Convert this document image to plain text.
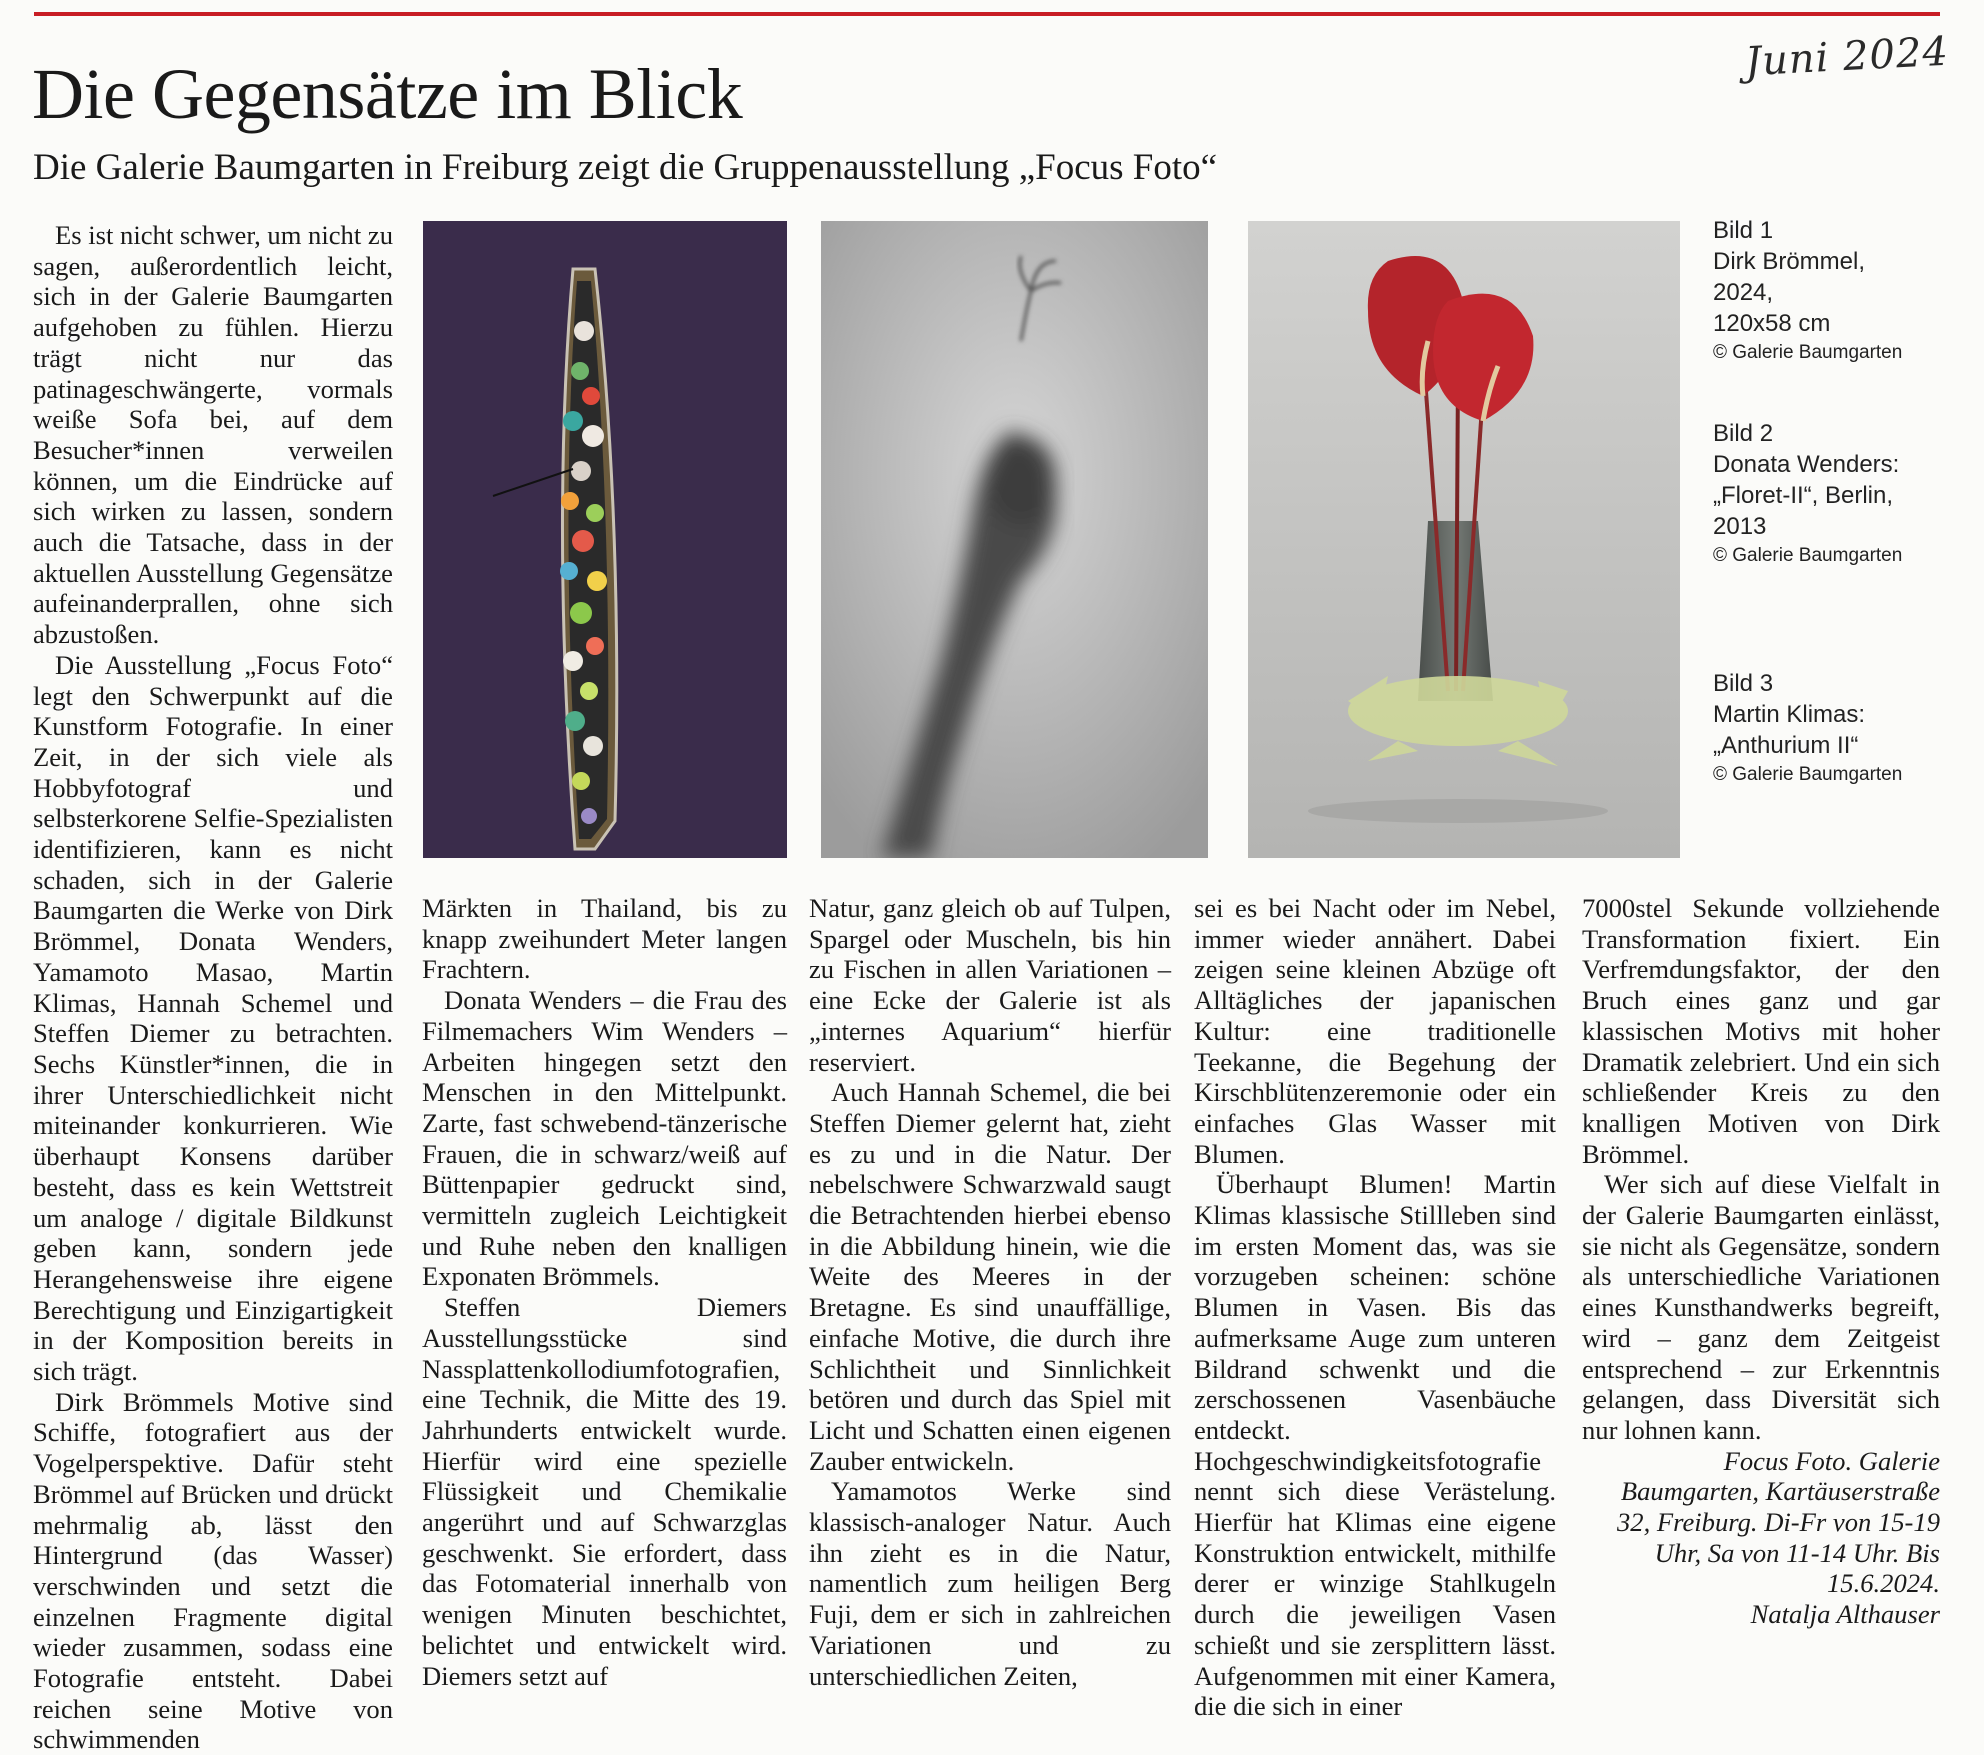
Juni 2024
Die Gegensätze im Blick
Die Galerie Baumgarten in Freiburg zeigt die Gruppenausstellung „Focus Foto“

Es ist nicht schwer, um nicht zu sagen, außerordentlich leicht, sich in der Galerie Baumgarten aufgehoben zu fühlen. Hierzu trägt nicht nur das patinageschwängerte, vormals weiße Sofa bei, auf dem Besucher*innen verweilen können, um die Eindrücke auf sich wirken zu lassen, sondern auch die Tatsache, dass in der aktuellen Ausstellung Gegensätze aufeinanderprallen, ohne sich abzustoßen.

Die Ausstellung „Focus Foto“ legt den Schwerpunkt auf die Kunstform Fotografie. In einer Zeit, in der sich viele als Hobbyfotograf und selbsterkorene Selfie-Spezialisten identifizieren, kann es nicht schaden, sich in der Galerie Baumgarten die Werke von Dirk Brömmel, Donata Wenders, Yamamoto Masao, Martin Klimas, Hannah Schemel und Steffen Diemer zu betrachten. Sechs Künstler*innen, die in ihrer Unterschiedlichkeit nicht miteinander konkurrieren. Wie überhaupt Konsens darüber besteht, dass es kein Wettstreit um analoge / digitale Bildkunst geben kann, sondern jede Herangehensweise ihre eigene Berechtigung und Einzigartigkeit in der Komposition bereits in sich trägt.

Dirk Brömmels Motive sind Schiffe, fotografiert aus der Vogelperspektive. Dafür steht Brömmel auf Brücken und drückt mehrmalig ab, lässt den Hintergrund (das Wasser) verschwinden und setzt die einzelnen Fragmente digital wieder zusammen, sodass eine Fotografie entsteht. Dabei reichen seine Motive von schwimmenden

Bild 1
Dirk Brömmel,
2024,
120x58 cm
© Galerie Baumgarten
Bild 2
Donata Wenders:
„Floret-II“, Berlin,
2013
© Galerie Baumgarten
Bild 3
Martin Klimas:
„Anthurium II“
© Galerie Baumgarten

Märkten in Thailand, bis zu knapp zweihundert Meter langen Frachtern.

Donata Wenders – die Frau des Filmemachers Wim Wenders – Arbeiten hingegen setzt den Menschen in den Mittelpunkt. Zarte, fast schwebend-tänzerische Frauen, die in schwarz/weiß auf Büttenpapier gedruckt sind, vermitteln zugleich Leichtigkeit und Ruhe neben den knalligen Exponaten Brömmels.

Steffen Diemers Ausstellungsstücke sind Nassplattenkollodiumfotografien, eine Technik, die Mitte des 19. Jahrhunderts entwickelt wurde. Hierfür wird eine spezielle Flüssigkeit und Chemikalie angerührt und auf Schwarzglas geschwenkt. Sie erfordert, dass das Fotomaterial innerhalb von wenigen Minuten beschichtet, belichtet und entwickelt wird. Diemers setzt auf

Natur, ganz gleich ob auf Tulpen, Spargel oder Muscheln, bis hin zu Fischen in allen Variationen – eine Ecke der Galerie ist als „internes Aquarium“ hierfür reserviert.

Auch Hannah Schemel, die bei Steffen Diemer gelernt hat, zieht es zu und in die Natur. Der nebelschwere Schwarzwald saugt die Betrachtenden hierbei ebenso in die Abbildung hinein, wie die Weite des Meeres in der Bretagne. Es sind unauffällige, einfache Motive, die durch ihre Schlichtheit und Sinnlichkeit betören und durch das Spiel mit Licht und Schatten einen eigenen Zauber entwickeln.

Yamamotos Werke sind klassisch-analoger Natur. Auch ihn zieht es in die Natur, namentlich zum heiligen Berg Fuji, dem er sich in zahlreichen Variationen und zu unterschiedlichen Zeiten,

sei es bei Nacht oder im Nebel, immer wieder annähert. Dabei zeigen seine kleinen Abzüge oft Alltägliches der japanischen Kultur: eine traditionelle Teekanne, die Begehung der Kirschblütenzeremonie oder ein einfaches Glas Wasser mit Blumen.

Überhaupt Blumen! Martin Klimas klassische Stillleben sind im ersten Moment das, was sie vorzugeben scheinen: schöne Blumen in Vasen. Bis das aufmerksame Auge zum unteren Bildrand schwenkt und die zerschossenen Vasenbäuche entdeckt. Hochgeschwindigkeitsfotografie nennt sich diese Verästelung. Hierfür hat Klimas eine eigene Konstruktion entwickelt, mithilfe derer er winzige Stahlkugeln durch die jeweiligen Vasen schießt und sie zersplittern lässt. Aufgenommen mit einer Kamera, die die sich in einer

7000stel Sekunde vollziehende Transformation fixiert. Ein Verfremdungsfaktor, der den Bruch eines ganz und gar klassischen Motivs mit hoher Dramatik zelebriert. Und ein sich schließender Kreis zu den knalligen Motiven von Dirk Brömmel.

Wer sich auf diese Vielfalt in der Galerie Baumgarten einlässt, sie nicht als Gegensätze, sondern als unterschiedliche Variationen eines Kunsthandwerks begreift, wird – ganz dem Zeitgeist entsprechend – zur Erkenntnis gelangen, dass Diversität sich nur lohnen kann.

Focus Foto. Galerie Baumgarten, Kartäuserstraße 32, Freiburg. Di-Fr von 15-19 Uhr, Sa von 11-14 Uhr. Bis 15.6.2024.

Natalja Althauser
